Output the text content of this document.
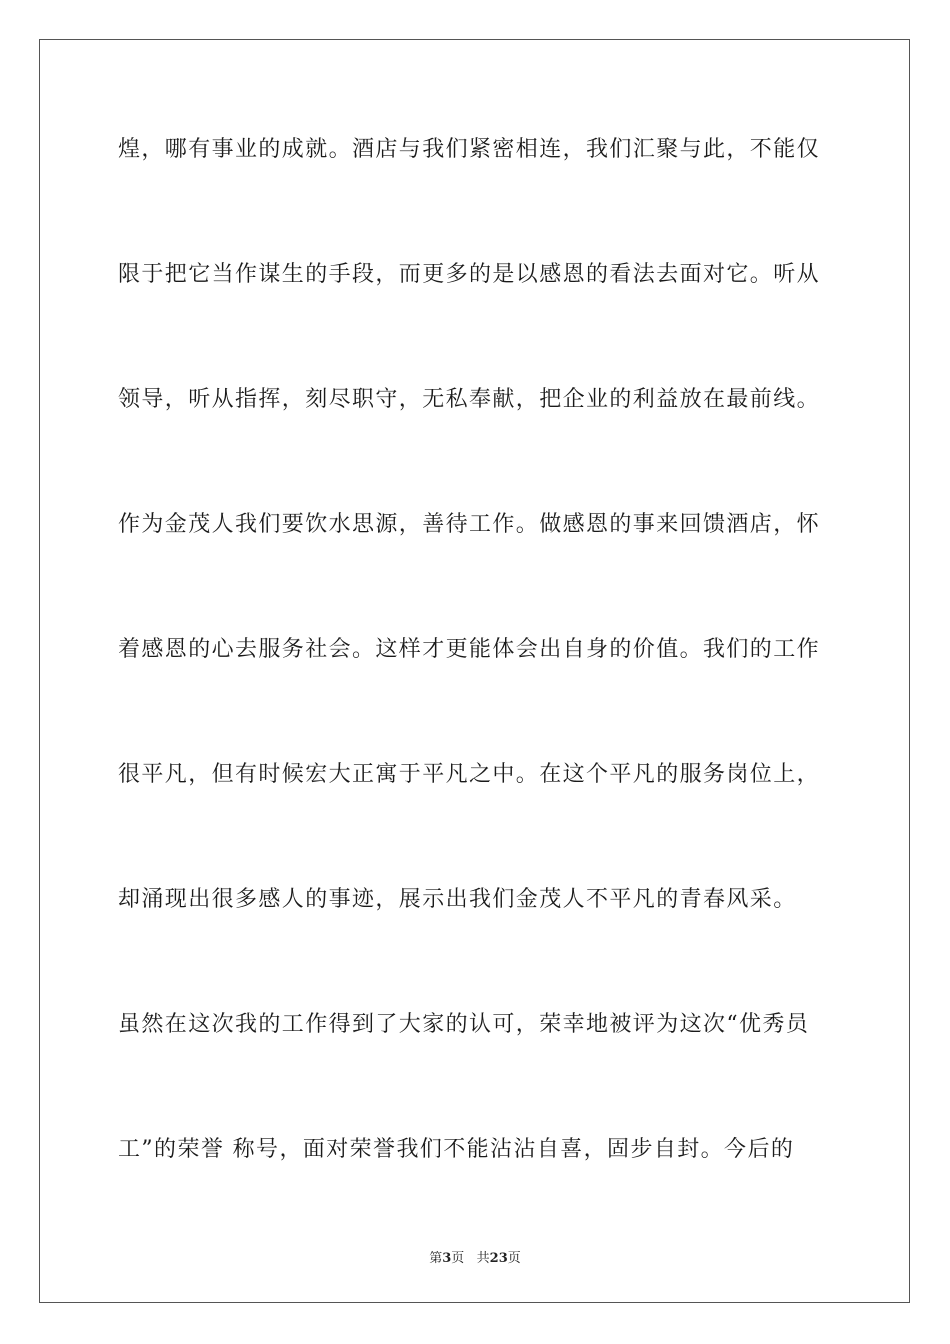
煌，哪有事业的成就。酒店与我们紧密相连，我们汇聚与此，不能仅
限于把它当作谋生的手段，而更多的是以感恩的看法去面对它。听从
领导，听从指挥，刻尽职守，无私奉献，把企业的利益放在最前线。
作为金茂人我们要饮水思源，善待工作。做感恩的事来回馈酒店，怀
着感恩的心去服务社会。这样才更能体会出自身的价值。我们的工作
很平凡，但有时候宏大正寓于平凡之中。在这个平凡的服务岗位上，
却涌现出很多感人的事迹，展示出我们金茂人不平凡的青春风采。
虽然在这次我的工作得到了大家的认可，荣幸地被评为这次“优秀员
工”的荣誉 称号，面对荣誉我们不能沾沾自喜，固步自封。今后的
第3页   共23页
